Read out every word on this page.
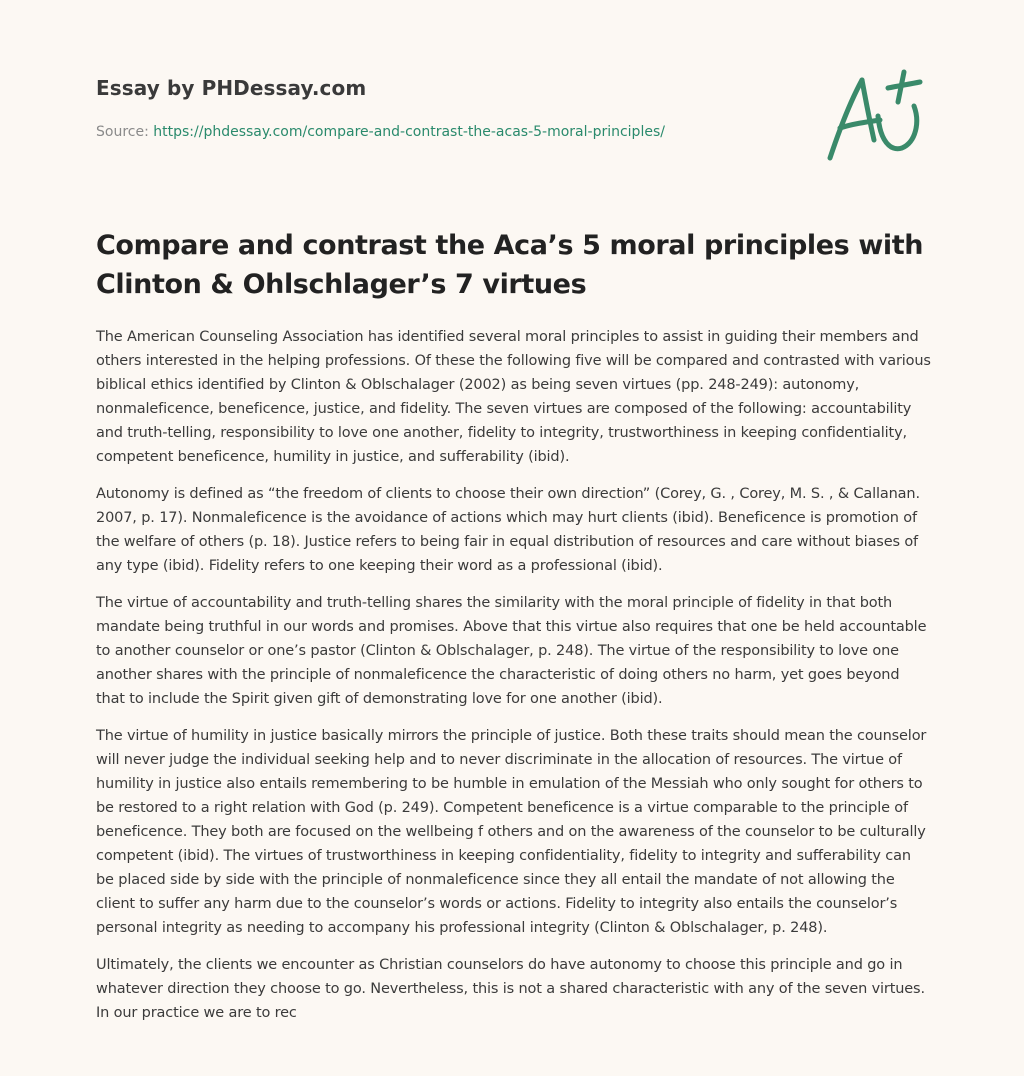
Essay by PHDessay.com
Source: https://phdessay.com/compare-and-contrast-the-acas-5-moral-principles/
Compare and contrast the Aca’s 5 moral principles with Clinton & Ohlschlager’s 7 virtues

The American Counseling Association has identified several moral principles to assist in guiding their members and others interested in the helping professions. Of these the following five will be compared and contrasted with various biblical ethics identified by Clinton & Oblschalager (2002) as being seven virtues (pp. 248-249): autonomy, nonmaleficence, beneficence, justice, and fidelity. The seven virtues are composed of the following: accountability and truth-telling, responsibility to love one another, fidelity to integrity, trustworthiness in keeping confidentiality, competent beneficence, humility in justice, and sufferability (ibid).

Autonomy is defined as “the freedom of clients to choose their own direction” (Corey, G. , Corey, M. S. , & Callanan. 2007, p. 17). Nonmaleficence is the avoidance of actions which may hurt clients (ibid). Beneficence is promotion of the welfare of others (p. 18). Justice refers to being fair in equal distribution of resources and care without biases of any type (ibid). Fidelity refers to one keeping their word as a professional (ibid).

The virtue of accountability and truth-telling shares the similarity with the moral principle of fidelity in that both mandate being truthful in our words and promises. Above that this virtue also requires that one be held accountable to another counselor or one’s pastor (Clinton & Oblschalager, p. 248). The virtue of the responsibility to love one another shares with the principle of nonmaleficence the characteristic of doing others no harm, yet goes beyond that to include the Spirit given gift of demonstrating love for one another (ibid).

The virtue of humility in justice basically mirrors the principle of justice. Both these traits should mean the counselor will never judge the individual seeking help and to never discriminate in the allocation of resources. The virtue of humility in justice also entails remembering to be humble in emulation of the Messiah who only sought for others to be restored to a right relation with God (p. 249). Competent beneficence is a virtue comparable to the principle of beneficence. They both are focused on the wellbeing f others and on the awareness of the counselor to be culturally competent (ibid). The virtues of trustworthiness in keeping confidentiality, fidelity to integrity and sufferability can be placed side by side with the principle of nonmaleficence since they all entail the mandate of not allowing the client to suffer any harm due to the counselor’s words or actions. Fidelity to integrity also entails the counselor’s personal integrity as needing to accompany his professional integrity (Clinton & Oblschalager, p. 248).

Ultimately, the clients we encounter as Christian counselors do have autonomy to choose this principle and go in whatever direction they choose to go. Nevertheless, this is not a shared characteristic with any of the seven virtues. In our practice we are to rec
